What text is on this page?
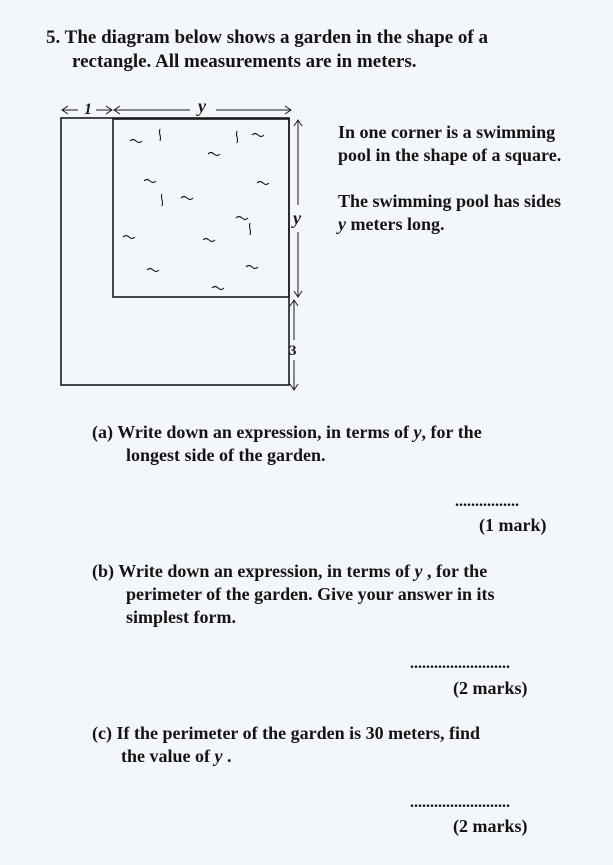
5. The diagram below shows a garden in the shape of a
rectangle. All measurements are in meters.
1	y
y
3
In one corner is a swimming
pool in the shape of a square.
The swimming pool has sides
y meters long.
(a) Write down an expression, in terms of y, for the
longest side of the garden.
................
(1 mark)
(b) Write down an expression, in terms of y , for the
perimeter of the garden. Give your answer in its
simplest form.
.........................
(2 marks)
(c) If the perimeter of the garden is 30 meters, find
the value of y .
.........................
(2 marks)
